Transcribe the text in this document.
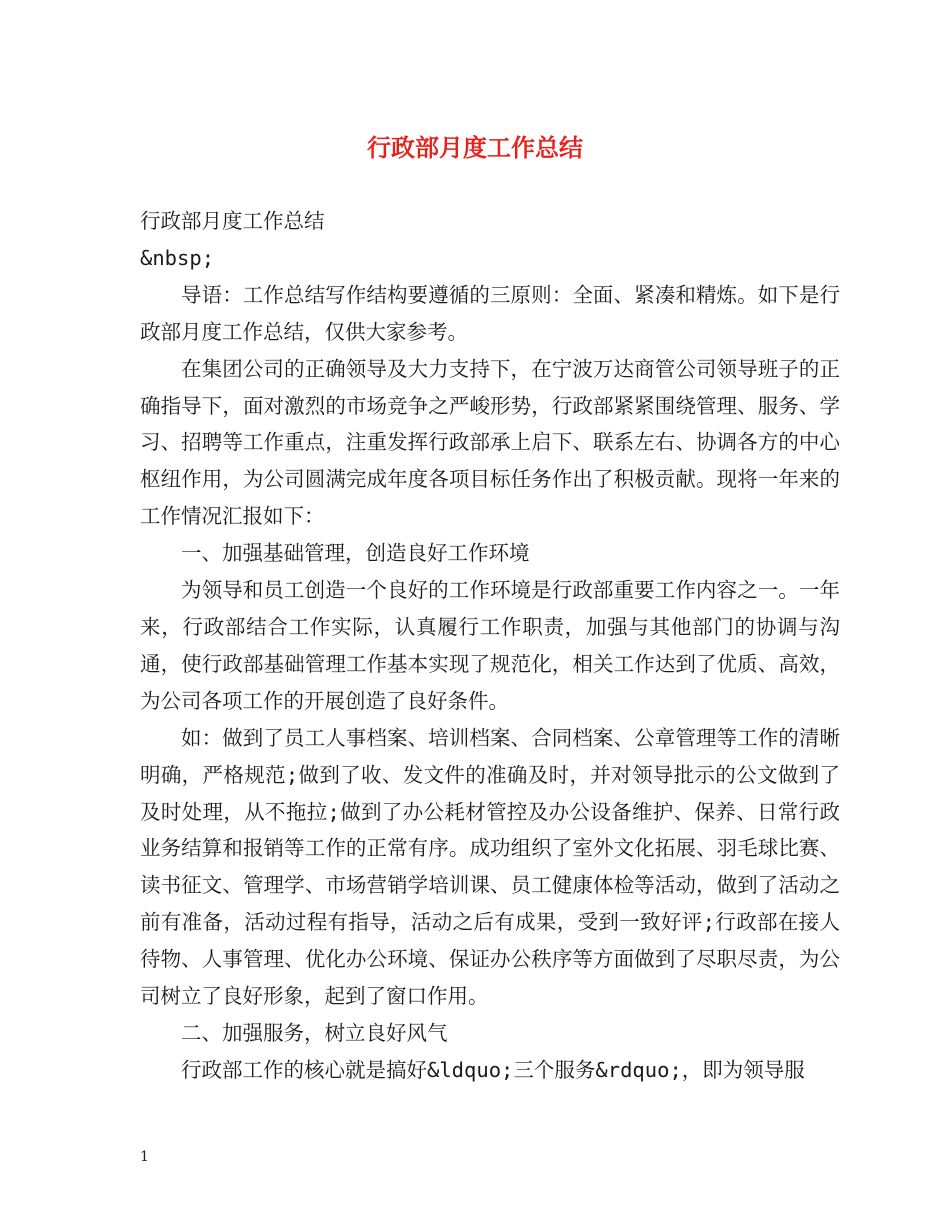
行政部月度工作总结

行政部月度工作总结

&nbsp;

导语：工作总结写作结构要遵循的三原则：全面、紧凑和精炼。如下是行政部月度工作总结，仅供大家参考。

在集团公司的正确领导及大力支持下，在宁波万达商管公司领导班子的正确指导下，面对激烈的市场竞争之严峻形势，行政部紧紧围绕管理、服务、学习、招聘等工作重点，注重发挥行政部承上启下、联系左右、协调各方的中心枢纽作用，为公司圆满完成年度各项目标任务作出了积极贡献。现将一年来的工作情况汇报如下：

一、加强基础管理，创造良好工作环境

为领导和员工创造一个良好的工作环境是行政部重要工作内容之一。一年来，行政部结合工作实际，认真履行工作职责，加强与其他部门的协调与沟通，使行政部基础管理工作基本实现了规范化，相关工作达到了优质、高效，为公司各项工作的开展创造了良好条件。

如：做到了员工人事档案、培训档案、合同档案、公章管理等工作的清晰明确，严格规范;做到了收、发文件的准确及时，并对领导批示的公文做到了及时处理，从不拖拉;做到了办公耗材管控及办公设备维护、保养、日常行政业务结算和报销等工作的正常有序。成功组织了室外文化拓展、羽毛球比赛、读书征文、管理学、市场营销学培训课、员工健康体检等活动，做到了活动之前有准备，活动过程有指导，活动之后有成果，受到一致好评;行政部在接人待物、人事管理、优化办公环境、保证办公秩序等方面做到了尽职尽责，为公司树立了良好形象，起到了窗口作用。

二、加强服务，树立良好风气

行政部工作的核心就是搞好&ldquo;三个服务&rdquo;，即为领导服

1
